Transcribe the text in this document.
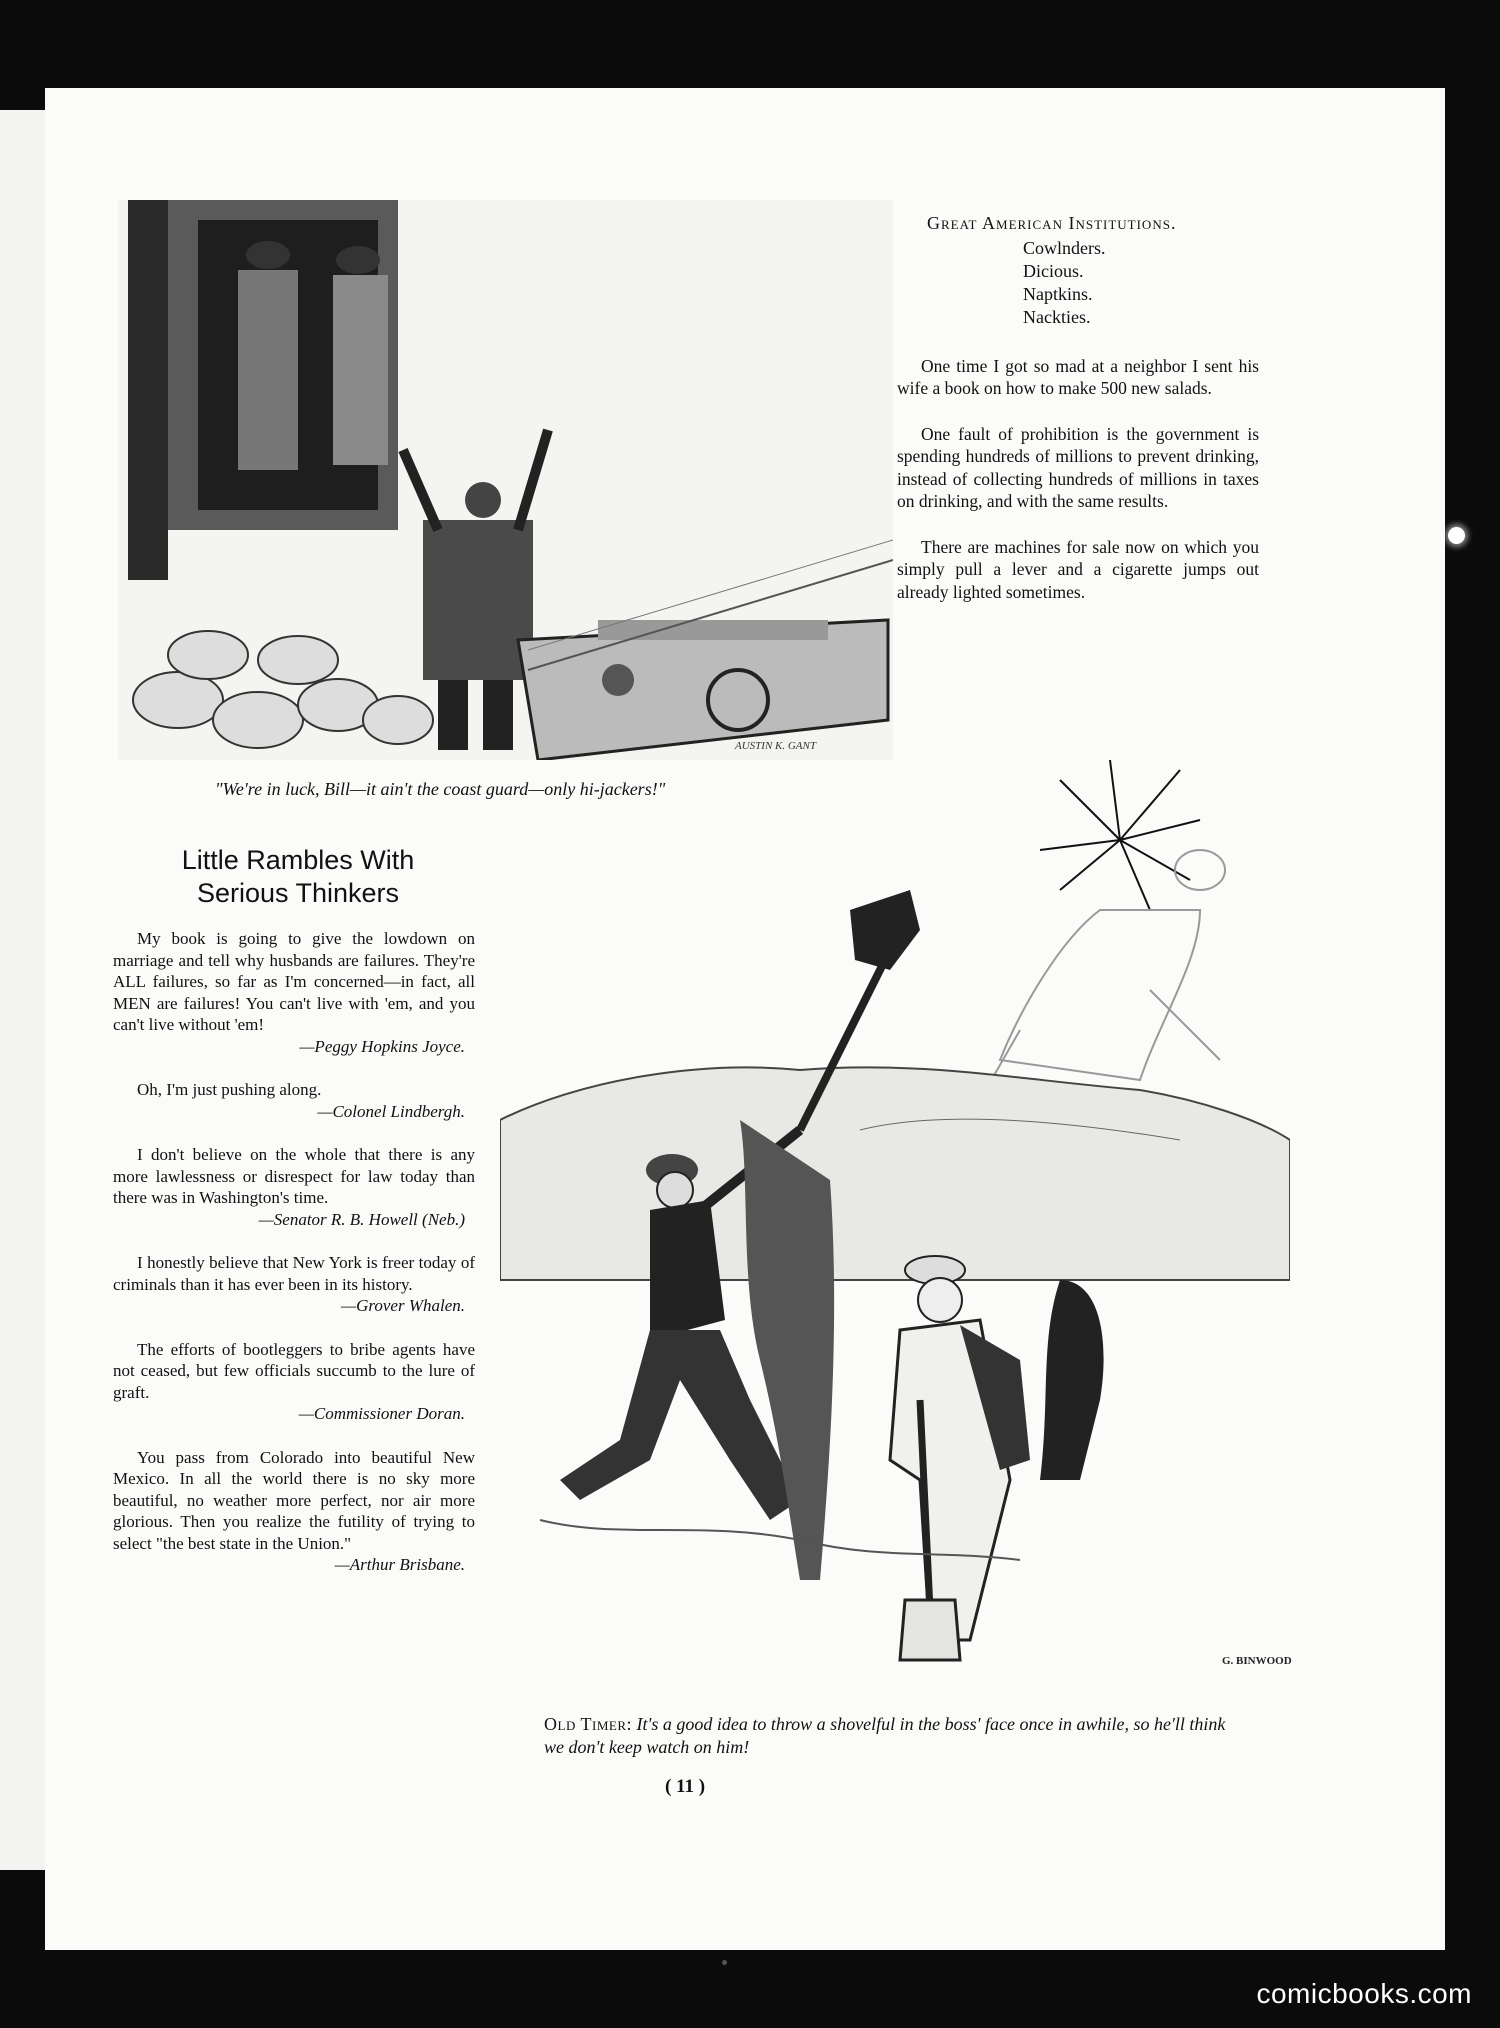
AUSTIN K. GANT
"We're in luck, Bill—it ain't the coast guard—only hi-jackers!"

Great American Institutions.

Cowlnders.
Dicious.
Naptkins.
Nackties.

One time I got so mad at a neighbor I sent his wife a book on how to make 500 new salads.

One fault of prohibition is the government is spending hundreds of millions to prevent drinking, instead of collecting hundreds of millions in taxes on drinking, and with the same results.

There are machines for sale now on which you simply pull a lever and a cigarette jumps out already lighted sometimes.

Little Rambles With
Serious Thinkers
My book is going to give the lowdown on marriage and tell why husbands are failures. They're ALL failures, so far as I'm concerned—in fact, all MEN are failures! You can't live with 'em, and you can't live without 'em!
—Peggy Hopkins Joyce.
Oh, I'm just pushing along.
—Colonel Lindbergh.
I don't believe on the whole that there is any more lawlessness or disrespect for law today than there was in Washington's time.
—Senator R. B. Howell (Neb.)
I honestly believe that New York is freer today of criminals than it has ever been in its history.
—Grover Whalen.
The efforts of bootleggers to bribe agents have not ceased, but few officials succumb to the lure of graft.
—Commissioner Doran.
You pass from Colorado into beautiful New Mexico. In all the world there is no sky more beautiful, no weather more perfect, nor air more glorious. Then you realize the futility of trying to select "the best state in the Union."
—Arthur Brisbane.
G. BINWOOD
Old Timer: It's a good idea to throw a shovelful in the boss' face once in awhile, so he'll think we don't keep watch on him!
( 11 )
comicbooks.com
